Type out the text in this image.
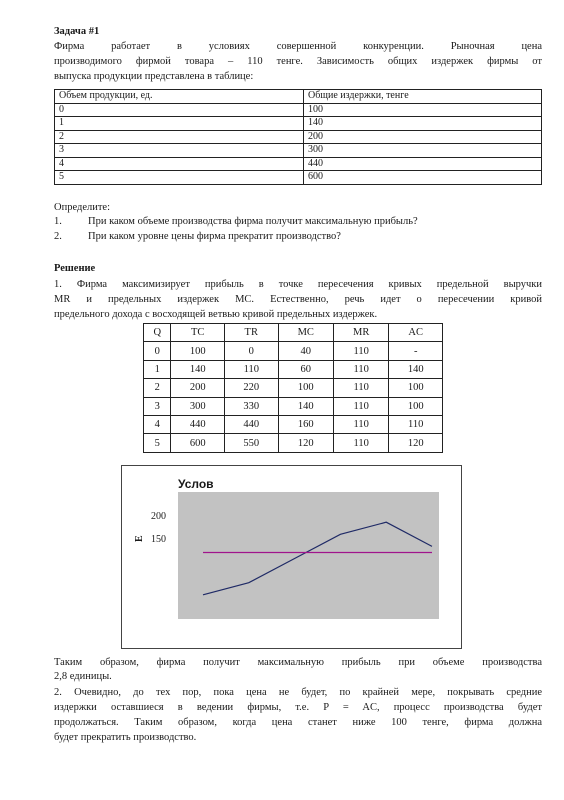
Задача #1
Фирма работает в условиях совершенной конкуренции. Рыночная цена
производимого фирмой товара – 110 тенге. Зависимость общих издержек фирмы от
выпуска продукции представлена в таблице:
Объем продукции, ед.	Общие издержки, тенге
0	100
1	140
2	200
3	300
4	440
5	600
Определите:
1. При каком объеме производства фирма получит максимальную прибыль?
2. При каком уровне цены фирма прекратит производство?
Решение
1. Фирма максимизирует прибыль в точке пересечения кривых предельной выручки
MR и предельных издержек MC. Естественно, речь идет о пересечении кривой
предельного дохода с восходящей ветвью кривой предельных издержек.
Q	TC	TR	MC	MR	AC
0	100	0	40	110	-
1	140	110	60	110	140
2	200	220	100	110	100
3	300	330	140	110	100
4	440	440	160	110	110
5	600	550	120	110	120
Услов
200
150
E
Таким образом, фирма получит максимальную прибыль при объеме производства
2,8 единицы.
2. Очевидно, до тех пор, пока цена не будет, по крайней мере, покрывать средние
издержки оставшиеся в ведении фирмы, т.е. P = AC, процесс производства будет
продолжаться. Таким образом, когда цена станет ниже 100 тенге, фирма должна
будет прекратить производство.
